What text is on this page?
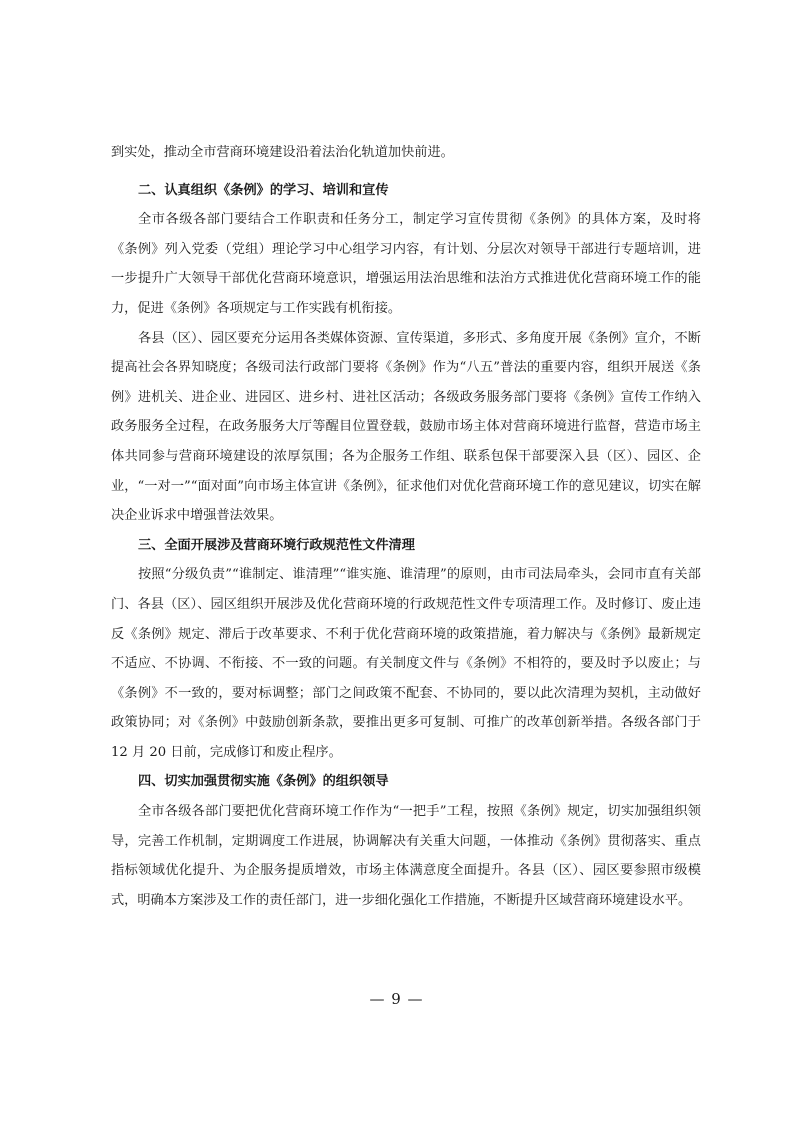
到实处，推动全市营商环境建设沿着法治化轨道加快前进。

二、认真组织《条例》的学习、培训和宣传

全市各级各部门要结合工作职责和任务分工，制定学习宣传贯彻《条例》的具体方案，及时将《条例》列入党委（党组）理论学习中心组学习内容，有计划、分层次对领导干部进行专题培训，进一步提升广大领导干部优化营商环境意识，增强运用法治思维和法治方式推进优化营商环境工作的能力，促进《条例》各项规定与工作实践有机衔接。

各县（区）、园区要充分运用各类媒体资源、宣传渠道，多形式、多角度开展《条例》宣介，不断提高社会各界知晓度；各级司法行政部门要将《条例》作为“八五”普法的重要内容，组织开展送《条例》进机关、进企业、进园区、进乡村、进社区活动；各级政务服务部门要将《条例》宣传工作纳入政务服务全过程，在政务服务大厅等醒目位置登载，鼓励市场主体对营商环境进行监督，营造市场主体共同参与营商环境建设的浓厚氛围；各为企服务工作组、联系包保干部要深入县（区）、园区、企业，“一对一”“面对面”向市场主体宣讲《条例》，征求他们对优化营商环境工作的意见建议，切实在解决企业诉求中增强普法效果。

三、全面开展涉及营商环境行政规范性文件清理

按照“分级负责”“谁制定、谁清理”“谁实施、谁清理”的原则，由市司法局牵头，会同市直有关部门、各县（区）、园区组织开展涉及优化营商环境的行政规范性文件专项清理工作。及时修订、废止违反《条例》规定、滞后于改革要求、不利于优化营商环境的政策措施，着力解决与《条例》最新规定不适应、不协调、不衔接、不一致的问题。有关制度文件与《条例》不相符的，要及时予以废止；与《条例》不一致的，要对标调整；部门之间政策不配套、不协同的，要以此次清理为契机，主动做好政策协同；对《条例》中鼓励创新条款，要推出更多可复制、可推广的改革创新举措。各级各部门于 12 月 20 日前，完成修订和废止程序。

四、切实加强贯彻实施《条例》的组织领导

全市各级各部门要把优化营商环境工作作为“一把手”工程，按照《条例》规定，切实加强组织领导，完善工作机制，定期调度工作进展，协调解决有关重大问题，一体推动《条例》贯彻落实、重点指标领域优化提升、为企服务提质增效，市场主体满意度全面提升。各县（区）、园区要参照市级模式，明确本方案涉及工作的责任部门，进一步细化强化工作措施，不断提升区域营商环境建设水平。

— 9 —
